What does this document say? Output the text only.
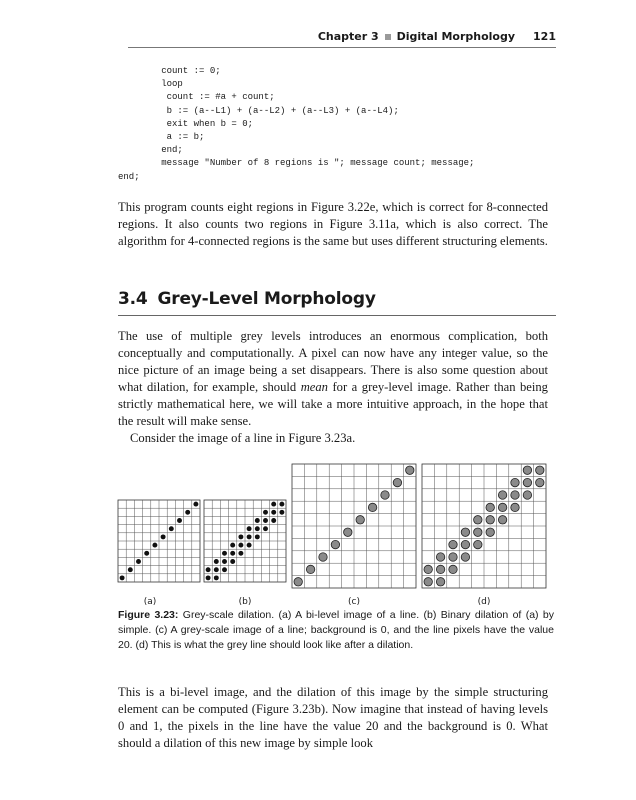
Chapter 3 Digital Morphology 121
count := 0;
loop
count := #a + count;
b := (a--L1) + (a--L2) + (a--L3) + (a--L4);
exit when b = 0;
a := b;
end;
message "Number of 8 regions is "; message count; message;
end;

This program counts eight regions in Figure 3.22e, which is correct for 8-connected regions. It also counts two regions in Figure 3.11a, which is also correct. The algorithm for 4-connected regions is the same but uses different structuring elements.

3.4 Grey-Level Morphology
The use of multiple grey levels introduces an enormous complication, both conceptually and computationally. A pixel can now have any integer value, so the nice picture of an image being a set disappears. There is also some question about what dilation, for example, should mean for a grey-level image. Rather than being strictly mathematical here, we will take a more intuitive approach, in the hope that the result will make sense.
Consider the image of a line in Figure 3.23a.
(a)	(b)	(c)	(d)

Figure 3.23: Grey-scale dilation. (a) A bi-level image of a line. (b) Binary dilation of (a) by simple. (c) A grey-scale image of a line; background is 0, and the line pixels have the value 20. (d) This is what the grey line should look like after a dilation.

This is a bi-level image, and the dilation of this image by the simple structuring element can be computed (Figure 3.23b). Now imagine that instead of having levels 0 and 1, the pixels in the line have the value 20 and the background is 0. What should a dilation of this new image by simple look
